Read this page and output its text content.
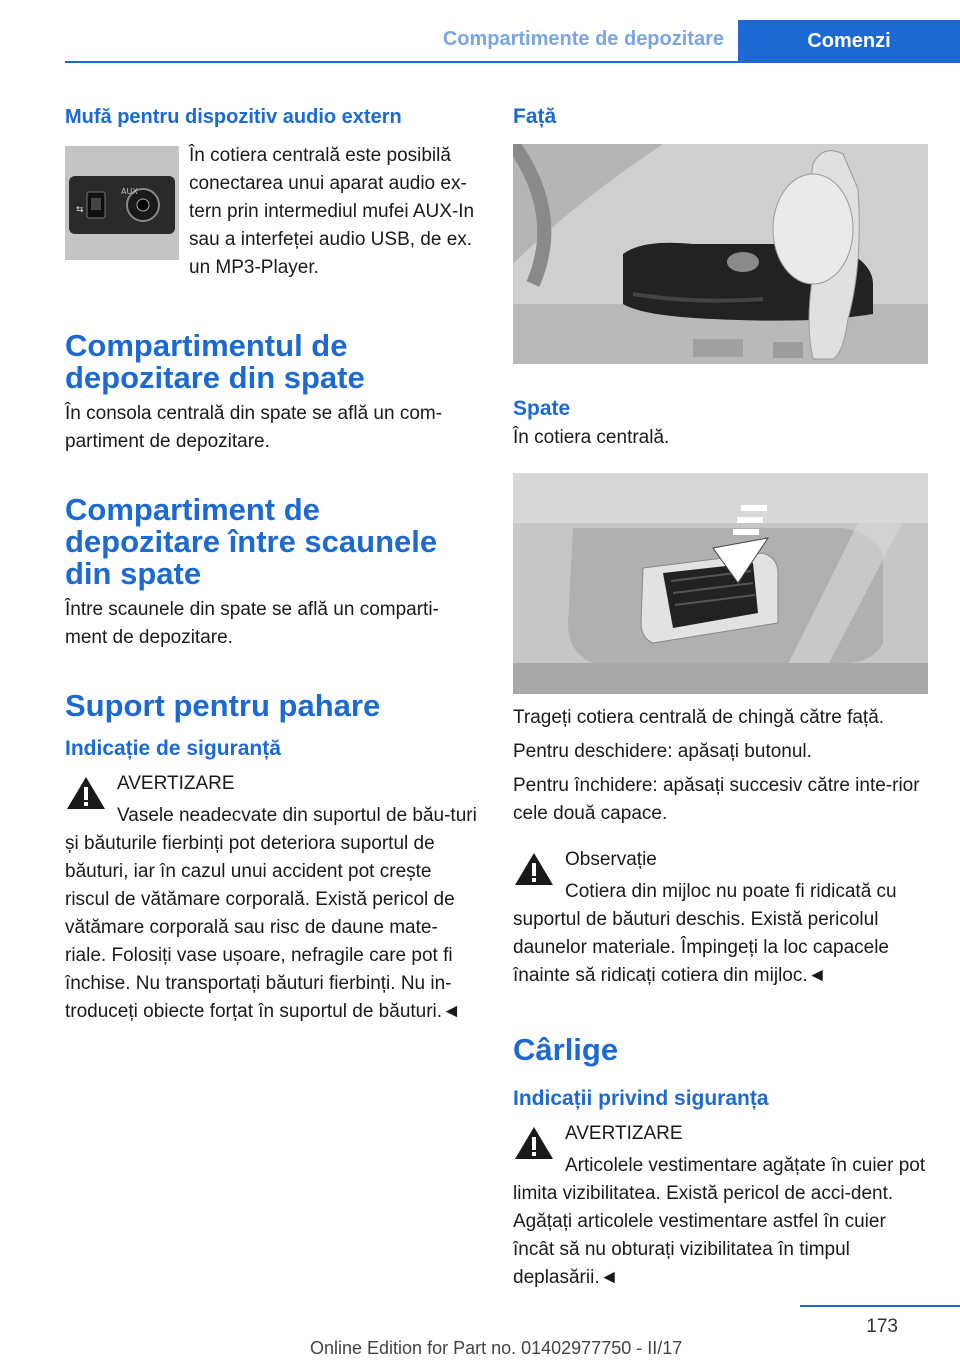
Compartimente de depozitare	Comenzi
Mufă pentru dispozitiv audio extern
⇆
AUX

În cotiera centrală este posibilă conectarea unui aparat audio ex-tern prin intermediul mufei AUX-In sau a interfeței audio USB, de ex. un MP3-Player.

Compartimentul de depozitare din spate

În consola centrală din spate se află un com-partiment de depozitare.

Compartiment de depozitare între scaunele din spate

Între scaunele din spate se află un comparti-ment de depozitare.

Suport pentru pahare
Indicație de siguranță

AVERTIZARE

Vasele neadecvate din suportul de bău-turi și băuturile fierbinți pot deteriora suportul de băuturi, iar în cazul unui accident pot crește riscul de vătămare corporală. Există pericol de vătămare corporală sau risc de daune mate-riale. Folosiți vase ușoare, nefragile care pot fi închise. Nu transportați băuturi fierbinți. Nu in-troduceți obiecte forțat în suportul de băuturi.◄

Față
Spate

În cotiera centrală.

Trageți cotiera centrală de chingă către față.

Pentru deschidere: apăsați butonul.

Pentru închidere: apăsați succesiv către inte-rior cele două capace.

Observație

Cotiera din mijloc nu poate fi ridicată cu suportul de băuturi deschis. Există pericolul daunelor materiale. Împingeți la loc capacele înainte să ridicați cotiera din mijloc.◄

Cârlige
Indicații privind siguranța

AVERTIZARE

Articolele vestimentare agățate în cuier pot limita vizibilitatea. Există pericol de acci-dent. Agățați articolele vestimentare astfel în cuier încât să nu obturați vizibilitatea în timpul deplasării.◄

173
Online Edition for Part no. 01402977750 - II/17
